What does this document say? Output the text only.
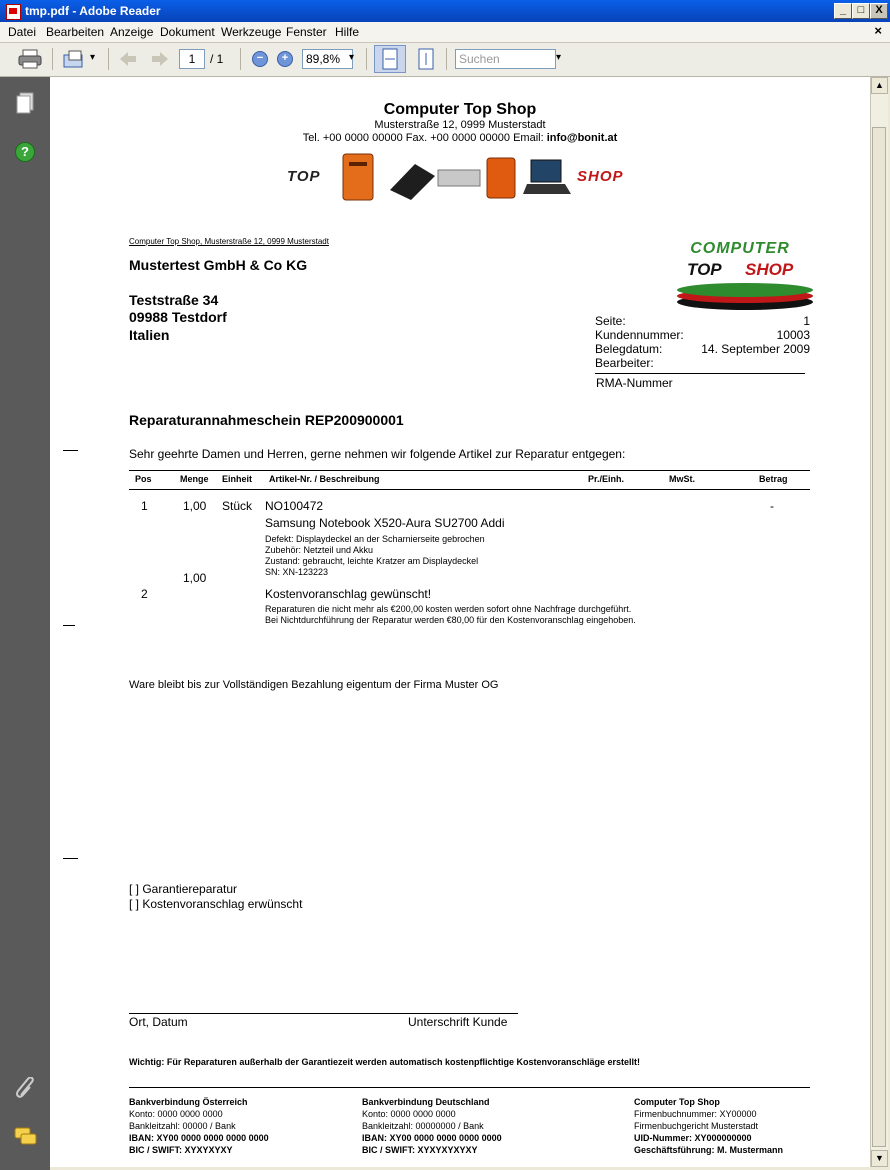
tmp.pdf - Adobe Reader	_	□	X
Datei Bearbeiten Anzeige Dokument Werkzeuge Fenster Hilfe	×
▾	1	/ 1	−	+	89,8% ▾	Suchen	▾
?
▲
▼
Computer Top Shop
Musterstraße 12, 0999 Musterstadt
Tel. +00 0000 00000 Fax. +00 0000 00000 Email: info@bonit.at
TOP	SHOP
Computer Top Shop, Musterstraße 12, 0999 Musterstadt
Mustertest GmbH & Co KG
Teststraße 34
09988 Testdorf
Italien
COMPUTER
TOP SHOP
Seite:	1
Kundennummer:	10003
Belegdatum:	14. September 2009
Bearbeiter:
RMA-Nummer
Reparaturannahmeschein REP200900001
Sehr geehrte Damen und Herren, gerne nehmen wir folgende Artikel zur Reparatur entgegen:
Pos	Menge Einheit Artikel-Nr. / Beschreibung	Pr./Einh.	MwSt.	Betrag
1	1,00 Stück NO100472	-
Samsung Notebook X520-Aura SU2700 Addi
Defekt: Displaydeckel an der Scharnierseite gebrochen
Zubehör: Netzteil und Akku
Zustand: gebraucht, leichte Kratzer am Displaydeckel
SN: XN-123223
1,00
2	Kostenvoranschlag gewünscht!
Reparaturen die nicht mehr als €200,00 kosten werden sofort ohne Nachfrage durchgeführt.
Bei Nichtdurchführung der Reparatur werden €80,00 für den Kostenvoranschlag eingehoben.
Ware bleibt bis zur Vollständigen Bezahlung eigentum der Firma Muster OG
[ ] Garantiereparatur
[ ] Kostenvoranschlag erwünscht
Ort, Datum	Unterschrift Kunde
Wichtig: Für Reparaturen außerhalb der Garantiezeit werden automatisch kostenpflichtige Kostenvoranschläge erstellt!
Bankverbindung Österreich
Konto: 0000 0000 0000
Bankleitzahl: 00000 / Bank
IBAN: XY00 0000 0000 0000 0000
BIC / SWIFT: XYXYXYXY
Bankverbindung Deutschland
Konto: 0000 0000 0000
Bankleitzahl: 00000000 / Bank
IBAN: XY00 0000 0000 0000 0000
BIC / SWIFT: XYXYXYXYXY
Computer Top Shop
Firmenbuchnummer: XY00000
Firmenbuchgericht Musterstadt
UID-Nummer: XY000000000
Geschäftsführung: M. Mustermann
